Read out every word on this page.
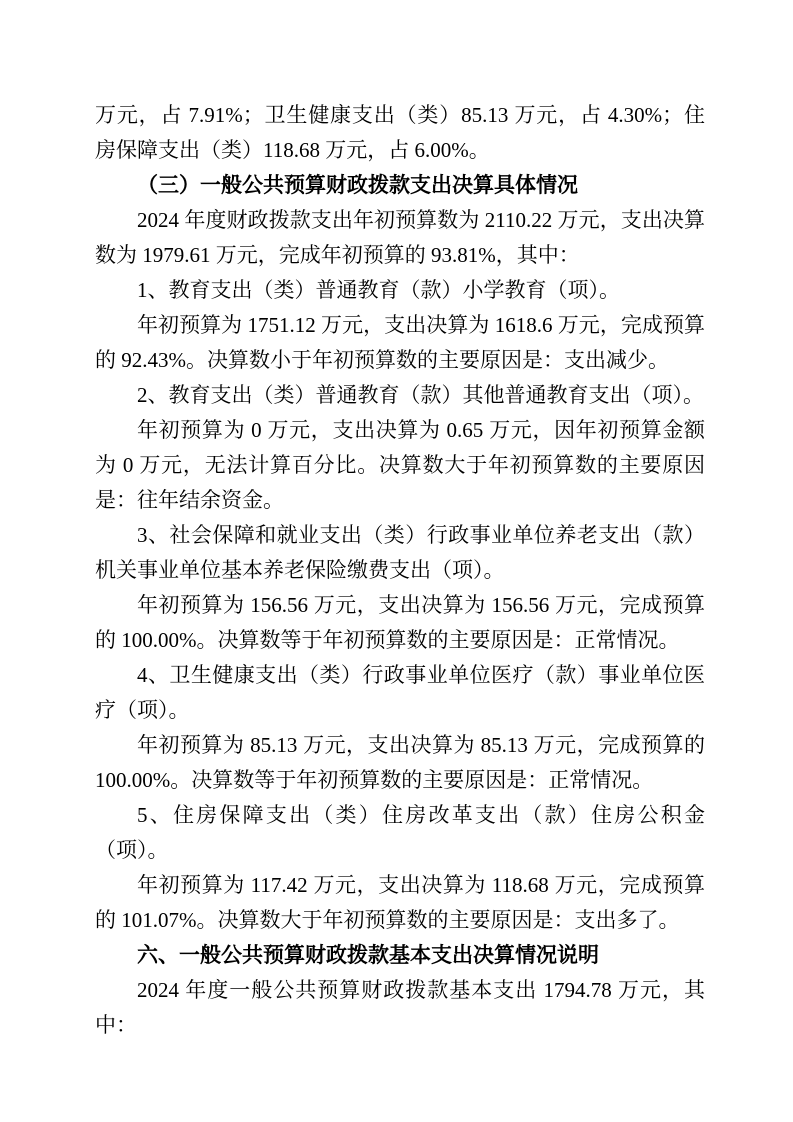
万元，占 7.91%；卫生健康支出（类）85.13 万元，占 4.30%；住房保障支出（类）118.68 万元，占 6.00%。

（三）一般公共预算财政拨款支出决算具体情况

2024 年度财政拨款支出年初预算数为 2110.22 万元，支出决算数为 1979.61 万元，完成年初预算的 93.81%，其中：

1、教育支出（类）普通教育（款）小学教育（项）。

年初预算为 1751.12 万元，支出决算为 1618.6 万元，完成预算的 92.43%。决算数小于年初预算数的主要原因是：支出减少。

2、教育支出（类）普通教育（款）其他普通教育支出（项）。

年初预算为 0 万元，支出决算为 0.65 万元，因年初预算金额为 0 万元，无法计算百分比。决算数大于年初预算数的主要原因是：往年结余资金。

3、社会保障和就业支出（类）行政事业单位养老支出（款）机关事业单位基本养老保险缴费支出（项）。

年初预算为 156.56 万元，支出决算为 156.56 万元，完成预算的 100.00%。决算数等于年初预算数的主要原因是：正常情况。

4、卫生健康支出（类）行政事业单位医疗（款）事业单位医疗（项）。

年初预算为 85.13 万元，支出决算为 85.13 万元，完成预算的 100.00%。决算数等于年初预算数的主要原因是：正常情况。

5、住房保障支出（类）住房改革支出（款）住房公积金（项）。

年初预算为 117.42 万元，支出决算为 118.68 万元，完成预算的 101.07%。决算数大于年初预算数的主要原因是：支出多了。

六、一般公共预算财政拨款基本支出决算情况说明

2024 年度一般公共预算财政拨款基本支出 1794.78 万元，其中：
